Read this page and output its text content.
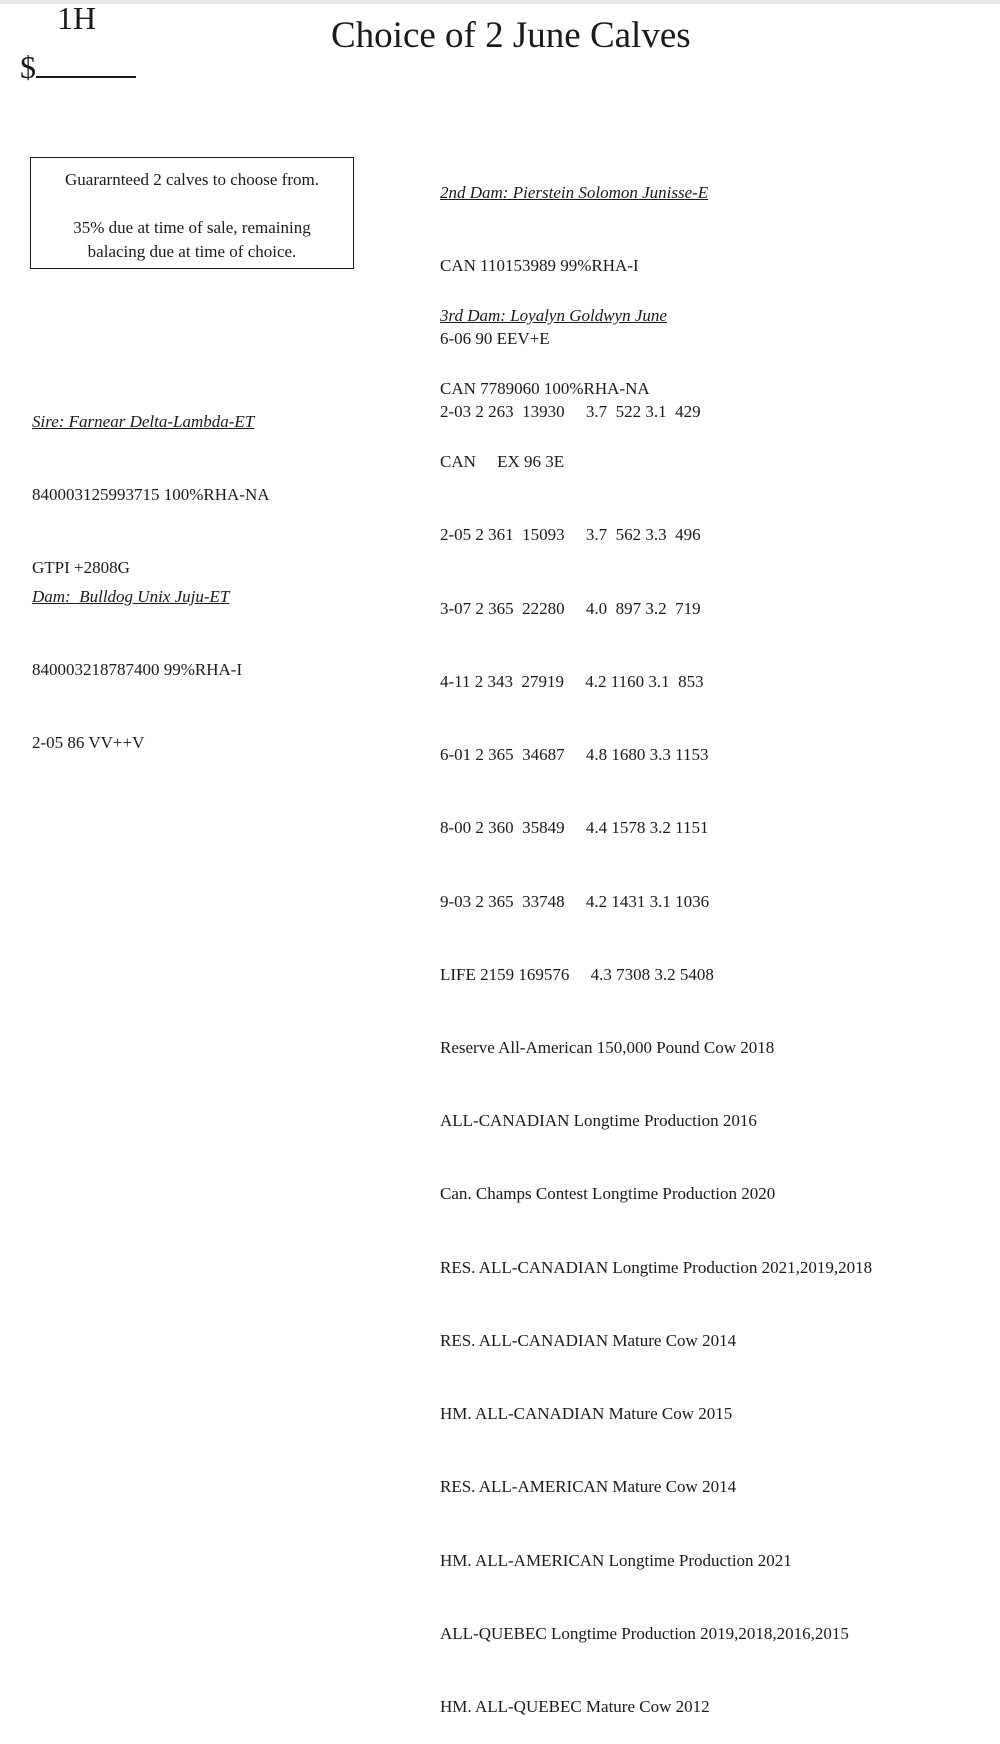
1H
$
Choice of 2 June Calves

Guararnteed 2 calves to choose from.

35% due at time of sale, remaining

balacing due at time of choice.

Sire: Farnear Delta-Lambda-ET

840003125993715 100%RHA-NA

GTPI +2808G

Dam:  Bulldog Unix Juju-ET

840003218787400 99%RHA-I

2-05 86 VV++V

2nd Dam: Pierstein Solomon Junisse-E

CAN 110153989 99%RHA-I

6-06 90 EEV+E

2-03 2 263  13930     3.7  522 3.1  429

3rd Dam: Loyalyn Goldwyn June

CAN 7789060 100%RHA-NA

CAN     EX 96 3E

2-05 2 361  15093     3.7  562 3.3  496

3-07 2 365  22280     4.0  897 3.2  719

4-11 2 343  27919     4.2 1160 3.1  853

6-01 2 365  34687     4.8 1680 3.3 1153

8-00 2 360  35849     4.4 1578 3.2 1151

9-03 2 365  33748     4.2 1431 3.1 1036

LIFE 2159 169576     4.3 7308 3.2 5408

Reserve All-American 150,000 Pound Cow 2018

ALL-CANADIAN Longtime Production 2016

Can. Champs Contest Longtime Production 2020

RES. ALL-CANADIAN Longtime Production 2021,2019,2018

RES. ALL-CANADIAN Mature Cow 2014

HM. ALL-CANADIAN Mature Cow 2015

RES. ALL-AMERICAN Mature Cow 2014

HM. ALL-AMERICAN Longtime Production 2021

ALL-QUEBEC Longtime Production 2019,2018,2016,2015

HM. ALL-QUEBEC Mature Cow 2012
